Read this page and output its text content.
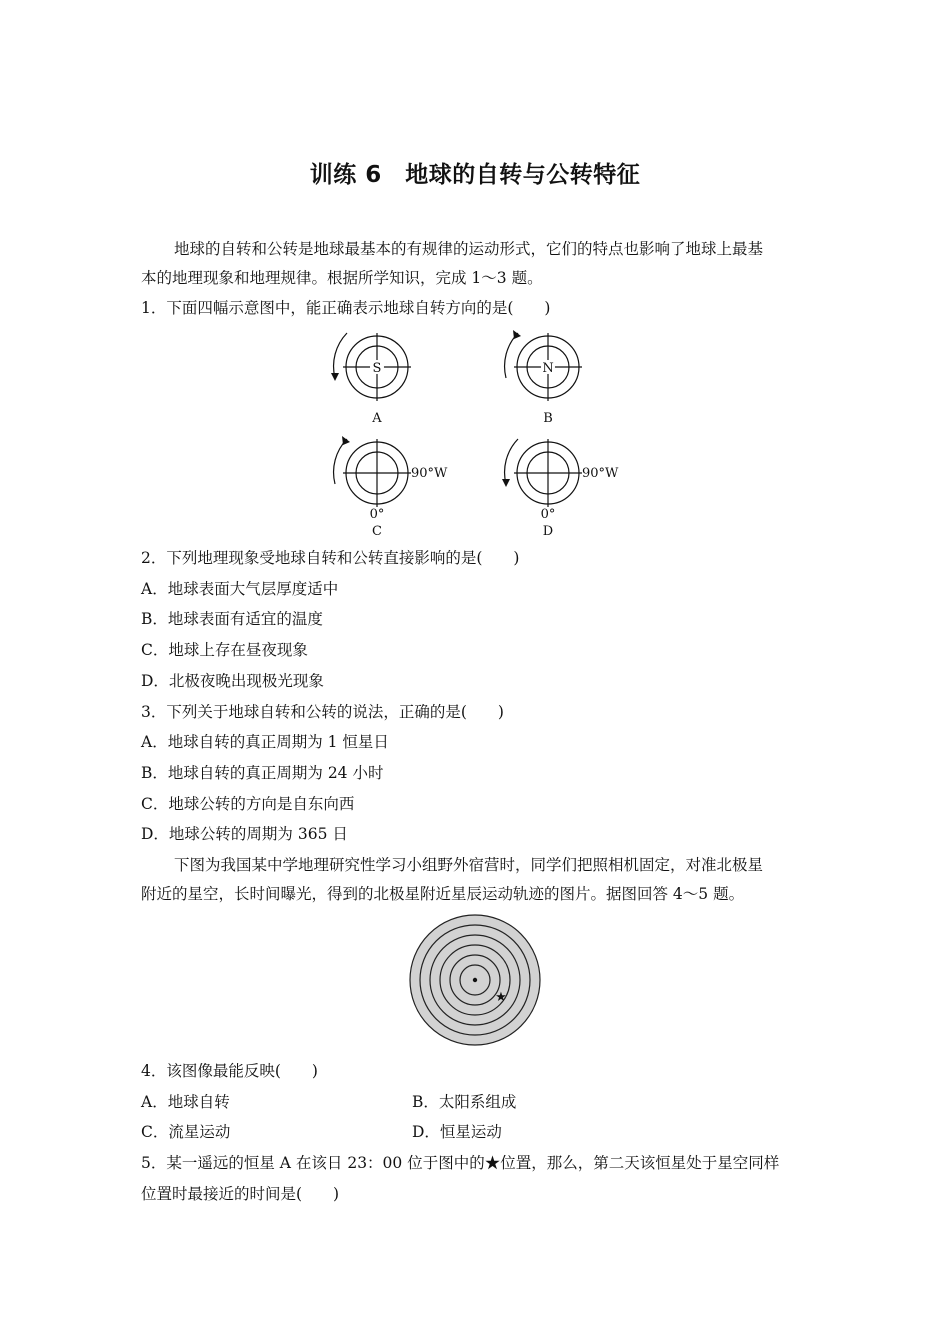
训练 6　地球的自转与公转特征
地球的自转和公转是地球最基本的有规律的运动形式，它们的特点也影响了地球上最基
本的地理现象和地理规律。根据所学知识，完成 1～3 题。
1．下面四幅示意图中，能正确表示地球自转方向的是(　　)
S
A
N
B
90°W
0°
C
90°W
0°
D
2．下列地理现象受地球自转和公转直接影响的是(　　)
A．地球表面大气层厚度适中
B．地球表面有适宜的温度
C．地球上存在昼夜现象
D．北极夜晚出现极光现象
3．下列关于地球自转和公转的说法，正确的是(　　)
A．地球自转的真正周期为 1 恒星日
B．地球自转的真正周期为 24 小时
C．地球公转的方向是自东向西
D．地球公转的周期为 365 日
下图为我国某中学地理研究性学习小组野外宿营时，同学们把照相机固定，对准北极星
附近的星空，长时间曝光，得到的北极星附近星辰运动轨迹的图片。据图回答 4～5 题。
★
4．该图像最能反映(　　)
A．地球自转	B．太阳系组成
C．流星运动	D．恒星运动
5．某一遥远的恒星 A 在该日 23：00 位于图中的★位置，那么，第二天该恒星处于星空同样
位置时最接近的时间是(　　)
